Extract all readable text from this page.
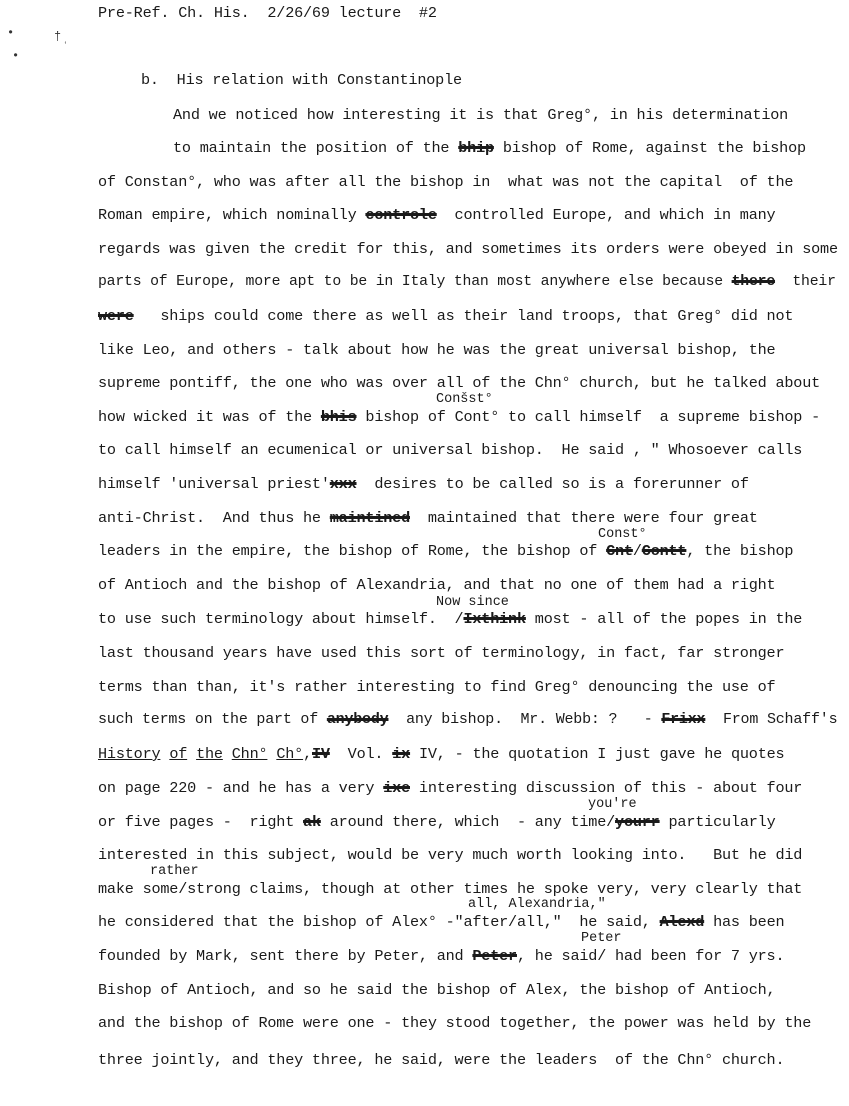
•	†
ʿ
•
Pre-Ref. Ch. His.  2/26/69 lecture  #2
b.  His relation with Constantinople
And we noticed how interesting it is that Greg°, in his determination
to maintain the position of the bhip bishop of Rome, against the bishop
of Constan°, who was after all the bishop in  what was not the capital  of the
Roman empire, which nominally controle  controlled Europe, and which in many
regards was given the credit for this, and sometimes its orders were obeyed in some
parts of Europe, more apt to be in Italy than most anywhere else because there  their
were   ships could come there as well as their land troops, that Greg° did not
like Leo, and others - talk about how he was the great universal bishop, the
supreme pontiff, the one who was over all of the Chn° church, but he talked about
Conšst°
how wicked it was of the bhis bishop of Cont° to call himself  a supreme bishop -
to call himself an ecumenical or universal bishop.  He said , " Whosoever calls
himself 'universal priest'xxx  desires to be called so is a forerunner of
anti-Christ.  And thus he maintined  maintained that there were four great
Const°
leaders in the empire, the bishop of Rome, the bishop of Cnt/Contt, the bishop
of Antioch and the bishop of Alexandria, and that no one of them had a right
Now since
to use such terminology about himself.  /Ixthink most - all of the popes in the
last thousand years have used this sort of terminology, in fact, far stronger
terms than than, it's rather interesting to find Greg° denouncing the use of
such terms on the part of anybody  any bishop.  Mr. Webb: ?   - Frixx  From Schaff's
History of the Chn° Ch°,IV  Vol. ix IV, - the quotation I just gave he quotes
on page 220 - and he has a very ixe interesting discussion of this - about four
you're
or five pages -  right ak around there, which  - any time/yourr particularly
interested in this subject, would be very much worth looking into.   But he did
rather
make some/strong claims, though at other times he spoke very, very clearly that
all, Alexandria,"
he considered that the bishop of Alex° -"after/all,"  he said, Alexd has been
Peter
founded by Mark, sent there by Peter, and Peter, he said/ had been for 7 yrs.
Bishop of Antioch, and so he said the bishop of Alex, the bishop of Antioch,
and the bishop of Rome were one - they stood together, the power was held by the
three jointly, and they three, he said, were the leaders  of the Chn° church.
